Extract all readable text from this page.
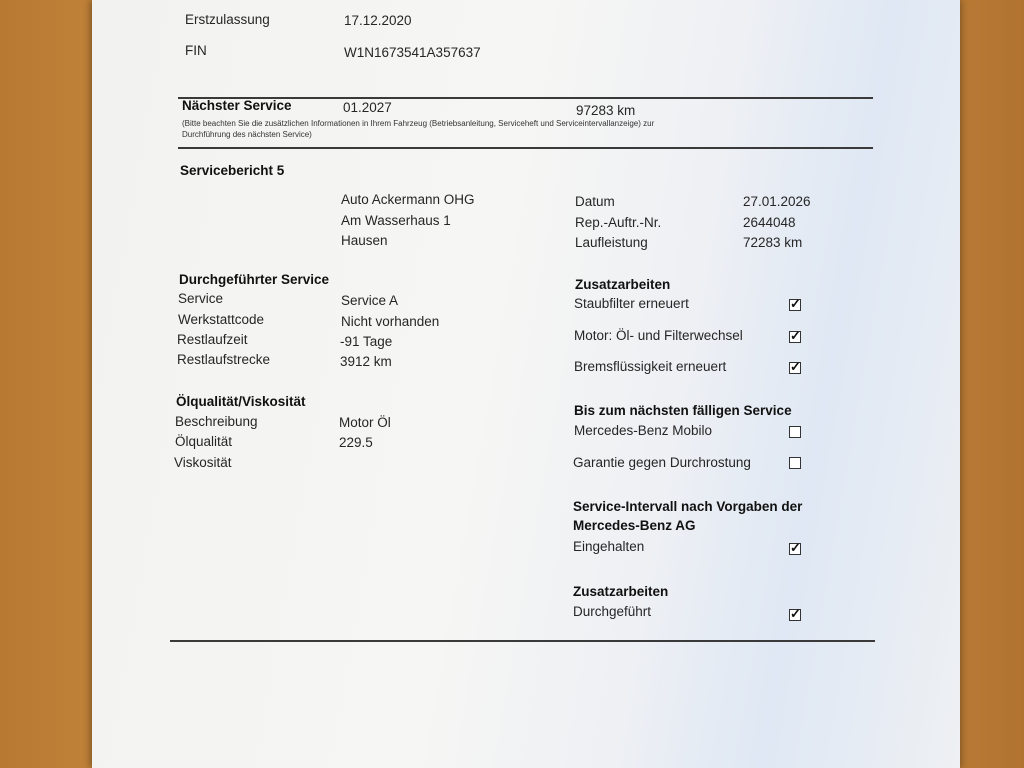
Erstzulassung	17.12.2020
FIN	W1N1673541A357637
Nächster Service	01.2027	97283 km
(Bitte beachten Sie die zusätzlichen Informationen in Ihrem Fahrzeug (Betriebsanleitung, Serviceheft und Serviceintervallanzeige) zur
Durchführung des nächsten Service)
Servicebericht 5
Auto Ackermann OHG
Am Wasserhaus 1
Hausen
Datum	27.01.2026
Rep.-Auftr.-Nr.	2644048
Laufleistung	72283 km
Durchgeführter Service
Service	Service A
Werkstattcode	Nicht vorhanden
Restlaufzeit	-91 Tage
Restlaufstrecke	3912 km
Ölqualität/Viskosität
Beschreibung	Motor Öl
Ölqualität	229.5
Viskosität
Zusatzarbeiten
Staubfilter erneuert	✓
Motor: Öl- und Filterwechsel	✓
Bremsflüssigkeit erneuert	✓
Bis zum nächsten fälligen Service
Mercedes-Benz Mobilo
Garantie gegen Durchrostung
Service-Intervall nach Vorgaben der
Mercedes-Benz AG
Eingehalten	✓
Zusatzarbeiten
Durchgeführt	✓
